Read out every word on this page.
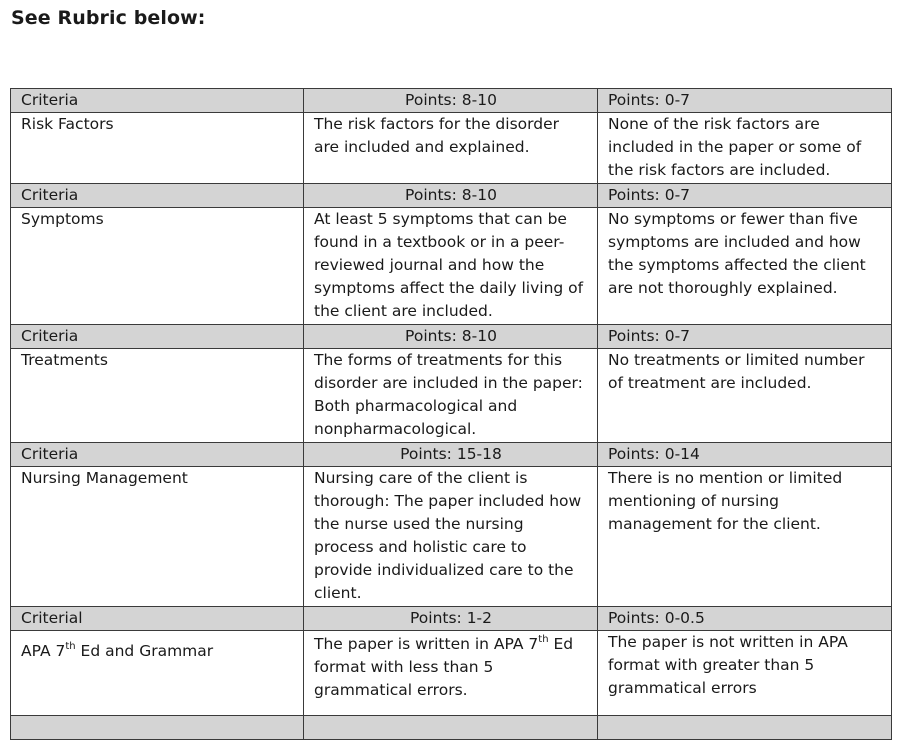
See Rubric below:
Criteria	Points: 8-10	Points: 0-7
Risk Factors	The risk factors for the disorder are included and explained.	None of the risk factors are included in the paper or some of the risk factors are included.
Criteria	Points: 8-10	Points: 0-7
Symptoms	At least 5 symptoms that can be found in a textbook or in a peer-reviewed journal and how the symptoms affect the daily living of the client are included.	No symptoms or fewer than five symptoms are included and how the symptoms affected the client are not thoroughly explained.
Criteria	Points: 8-10	Points: 0-7
Treatments	The forms of treatments for this disorder are included in the paper: Both pharmacological and nonpharmacological.	No treatments or limited number of treatment are included.
Criteria	Points: 15-18	Points: 0-14
Nursing Management	Nursing care of the client is thorough: The paper included how the nurse used the nursing process and holistic care to provide individualized care to the client.	There is no mention or limited mentioning of nursing management for the client.
Criterial	Points: 1-2	Points: 0-0.5
APA 7th Ed and Grammar	The paper is written in APA 7th Ed format with less than 5 grammatical errors.	The paper is not written in APA format with greater than 5 grammatical errors
